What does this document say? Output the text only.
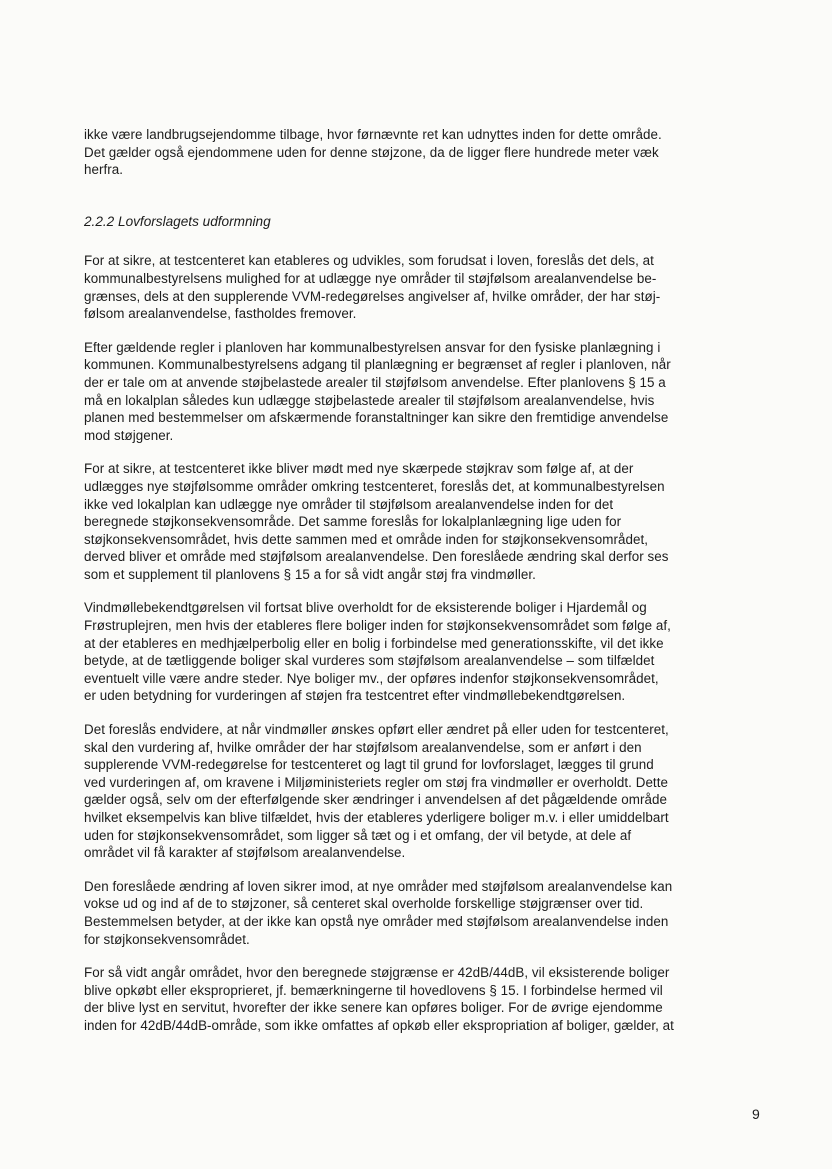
ikke være landbrugsejendomme tilbage, hvor førnævnte ret kan udnyttes inden for dette område.
Det gælder også ejendommene uden for denne støjzone, da de ligger flere hundrede meter væk
herfra.

2.2.2 Lovforslagets udformning

For at sikre, at testcenteret kan etableres og udvikles, som forudsat i loven, foreslås det dels, at
kommunalbestyrelsens mulighed for at udlægge nye områder til støjfølsom arealanvendelse be-
grænses, dels at den supplerende VVM-redegørelses angivelser af, hvilke områder, der har støj-
følsom arealanvendelse, fastholdes fremover.

Efter gældende regler i planloven har kommunalbestyrelsen ansvar for den fysiske planlægning i
kommunen. Kommunalbestyrelsens adgang til planlægning er begrænset af regler i planloven, når
der er tale om at anvende støjbelastede arealer til støjfølsom anvendelse. Efter planlovens § 15 a
må en lokalplan således kun udlægge støjbelastede arealer til støjfølsom arealanvendelse, hvis
planen med bestemmelser om afskærmende foranstaltninger kan sikre den fremtidige anvendelse
mod støjgener.

For at sikre, at testcenteret ikke bliver mødt med nye skærpede støjkrav som følge af, at der
udlægges nye støjfølsomme områder omkring testcenteret, foreslås det, at kommunalbestyrelsen
ikke ved lokalplan kan udlægge nye områder til støjfølsom arealanvendelse inden for det
beregnede støjkonsekvensområde. Det samme foreslås for lokalplanlægning lige uden for
støjkonsekvensområdet, hvis dette sammen med et område inden for støjkonsekvensområdet,
derved bliver et område med støjfølsom arealanvendelse. Den foreslåede ændring skal derfor ses
som et supplement til planlovens § 15 a for så vidt angår støj fra vindmøller.

Vindmøllebekendtgørelsen vil fortsat blive overholdt for de eksisterende boliger i Hjardemål og
Frøstruplejren, men hvis der etableres flere boliger inden for støjkonsekvensområdet som følge af,
at der etableres en medhjælperbolig eller en bolig i forbindelse med generationsskifte, vil det ikke
betyde, at de tætliggende boliger skal vurderes som støjfølsom arealanvendelse – som tilfældet
eventuelt ville være andre steder. Nye boliger mv., der opføres indenfor støjkonsekvensområdet,
er uden betydning for vurderingen af støjen fra testcentret efter vindmøllebekendtgørelsen.

Det foreslås endvidere, at når vindmøller ønskes opført eller ændret på eller uden for testcenteret,
skal den vurdering af, hvilke områder der har støjfølsom arealanvendelse, som er anført i den
supplerende VVM-redegørelse for testcenteret og lagt til grund for lovforslaget, lægges til grund
ved vurderingen af, om kravene i Miljøministeriets regler om støj fra vindmøller er overholdt. Dette
gælder også, selv om der efterfølgende sker ændringer i anvendelsen af det pågældende område
hvilket eksempelvis kan blive tilfældet, hvis der etableres yderligere boliger m.v. i eller umiddelbart
uden for støjkonsekvensområdet, som ligger så tæt og i et omfang, der vil betyde, at dele af
området vil få karakter af støjfølsom arealanvendelse.

Den foreslåede ændring af loven sikrer imod, at nye områder med støjfølsom arealanvendelse kan
vokse ud og ind af de to støjzoner, så centeret skal overholde forskellige støjgrænser over tid.
Bestemmelsen betyder, at der ikke kan opstå nye områder med støjfølsom arealanvendelse inden
for støjkonsekvensområdet.

For så vidt angår området, hvor den beregnede støjgrænse er 42dB/44dB, vil eksisterende boliger
blive opkøbt eller eksproprieret, jf. bemærkningerne til hovedlovens § 15. I forbindelse hermed vil
der blive lyst en servitut, hvorefter der ikke senere kan opføres boliger. For de øvrige ejendomme
inden for 42dB/44dB-område, som ikke omfattes af opkøb eller ekspropriation af boliger, gælder, at

9
